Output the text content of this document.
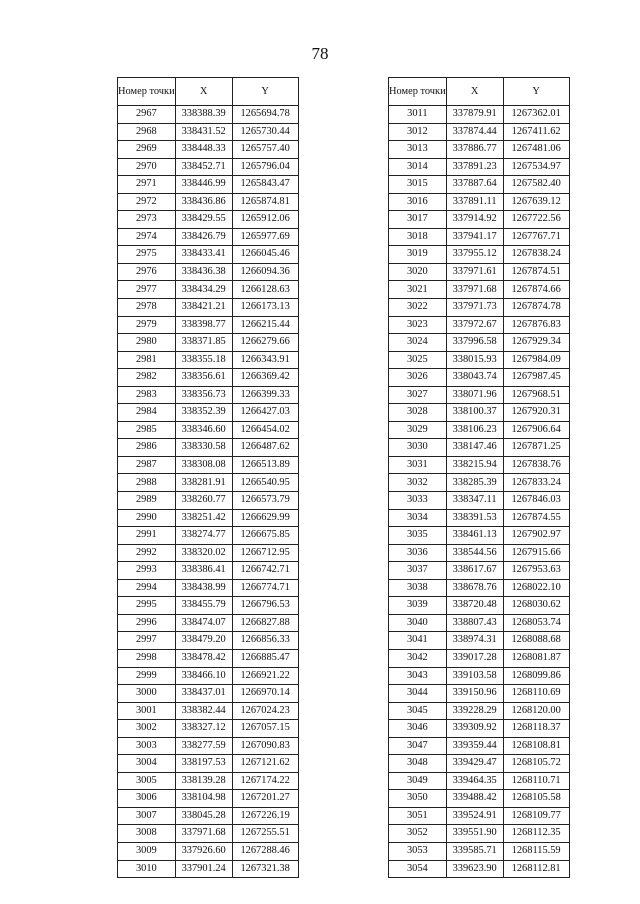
78
Номер точки	X	Y
2967	338388.39	1265694.78
2968	338431.52	1265730.44
2969	338448.33	1265757.40
2970	338452.71	1265796.04
2971	338446.99	1265843.47
2972	338436.86	1265874.81
2973	338429.55	1265912.06
2974	338426.79	1265977.69
2975	338433.41	1266045.46
2976	338436.38	1266094.36
2977	338434.29	1266128.63
2978	338421.21	1266173.13
2979	338398.77	1266215.44
2980	338371.85	1266279.66
2981	338355.18	1266343.91
2982	338356.61	1266369.42
2983	338356.73	1266399.33
2984	338352.39	1266427.03
2985	338346.60	1266454.02
2986	338330.58	1266487.62
2987	338308.08	1266513.89
2988	338281.91	1266540.95
2989	338260.77	1266573.79
2990	338251.42	1266629.99
2991	338274.77	1266675.85
2992	338320.02	1266712.95
2993	338386.41	1266742.71
2994	338438.99	1266774.71
2995	338455.79	1266796.53
2996	338474.07	1266827.88
2997	338479.20	1266856.33
2998	338478.42	1266885.47
2999	338466.10	1266921.22
3000	338437.01	1266970.14
3001	338382.44	1267024.23
3002	338327.12	1267057.15
3003	338277.59	1267090.83
3004	338197.53	1267121.62
3005	338139.28	1267174.22
3006	338104.98	1267201.27
3007	338045.28	1267226.19
3008	337971.68	1267255.51
3009	337926.60	1267288.46
3010	337901.24	1267321.38
Номер точки	X	Y
3011	337879.91	1267362.01
3012	337874.44	1267411.62
3013	337886.77	1267481.06
3014	337891.23	1267534.97
3015	337887.64	1267582.40
3016	337891.11	1267639.12
3017	337914.92	1267722.56
3018	337941.17	1267767.71
3019	337955.12	1267838.24
3020	337971.61	1267874.51
3021	337971.68	1267874.66
3022	337971.73	1267874.78
3023	337972.67	1267876.83
3024	337996.58	1267929.34
3025	338015.93	1267984.09
3026	338043.74	1267987.45
3027	338071.96	1267968.51
3028	338100.37	1267920.31
3029	338106.23	1267906.64
3030	338147.46	1267871.25
3031	338215.94	1267838.76
3032	338285.39	1267833.24
3033	338347.11	1267846.03
3034	338391.53	1267874.55
3035	338461.13	1267902.97
3036	338544.56	1267915.66
3037	338617.67	1267953.63
3038	338678.76	1268022.10
3039	338720.48	1268030.62
3040	338807.43	1268053.74
3041	338974.31	1268088.68
3042	339017.28	1268081.87
3043	339103.58	1268099.86
3044	339150.96	1268110.69
3045	339228.29	1268120.00
3046	339309.92	1268118.37
3047	339359.44	1268108.81
3048	339429.47	1268105.72
3049	339464.35	1268110.71
3050	339488.42	1268105.58
3051	339524.91	1268109.77
3052	339551.90	1268112.35
3053	339585.71	1268115.59
3054	339623.90	1268112.81
